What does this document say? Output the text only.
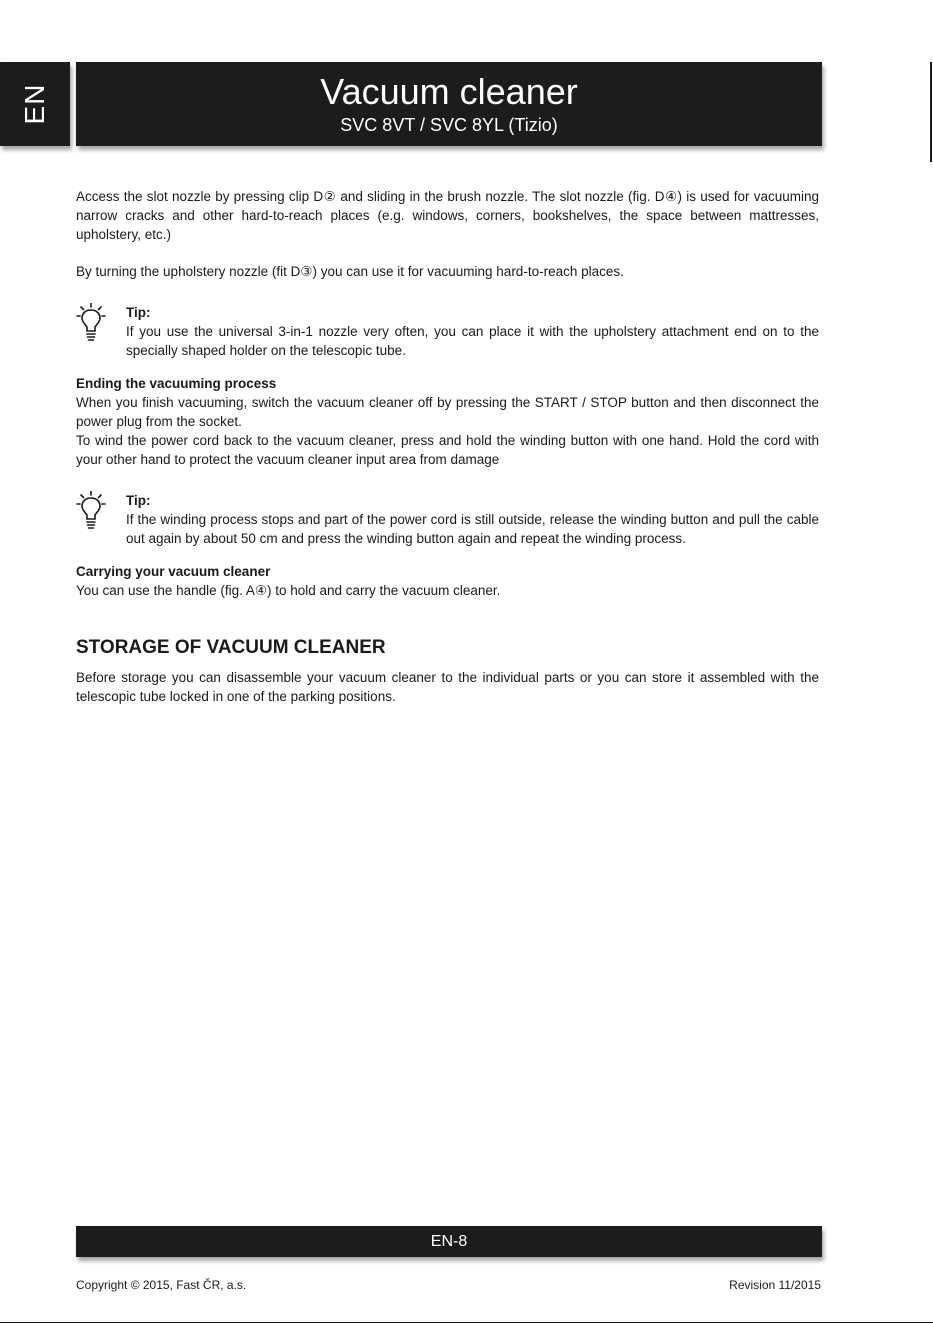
EN	Vacuum cleaner
SVC 8VT / SVC 8YL (Tizio)

Access the slot nozzle by pressing clip D② and sliding in the brush nozzle. The slot nozzle (fig. D④) is used for vacuuming narrow cracks and other hard-to-reach places (e.g. windows, corners, bookshelves, the space between mattresses, upholstery, etc.)

By turning the upholstery nozzle (fit D③) you can use it for vacuuming hard-to-reach places.

Tip:

If you use the universal 3-in-1 nozzle very often, you can place it with the upholstery attachment end on to the specially shaped holder on the telescopic tube.

Ending the vacuuming process

When you finish vacuuming, switch the vacuum cleaner off by pressing the START / STOP button and then disconnect the power plug from the socket.

To wind the power cord back to the vacuum cleaner, press and hold the winding button with one hand. Hold the cord with your other hand to protect the vacuum cleaner input area from damage

Tip:

If the winding process stops and part of the power cord is still outside, release the winding button and pull the cable out again by about 50 cm and press the winding button again and repeat the winding process.

Carrying your vacuum cleaner

You can use the handle (fig. A④) to hold and carry the vacuum cleaner.

STORAGE OF VACUUM CLEANER

Before storage you can disassemble your vacuum cleaner to the individual parts or you can store it assembled with the telescopic tube locked in one of the parking positions.

EN-8
Copyright © 2015, Fast ČR, a.s.	Revision 11/2015
